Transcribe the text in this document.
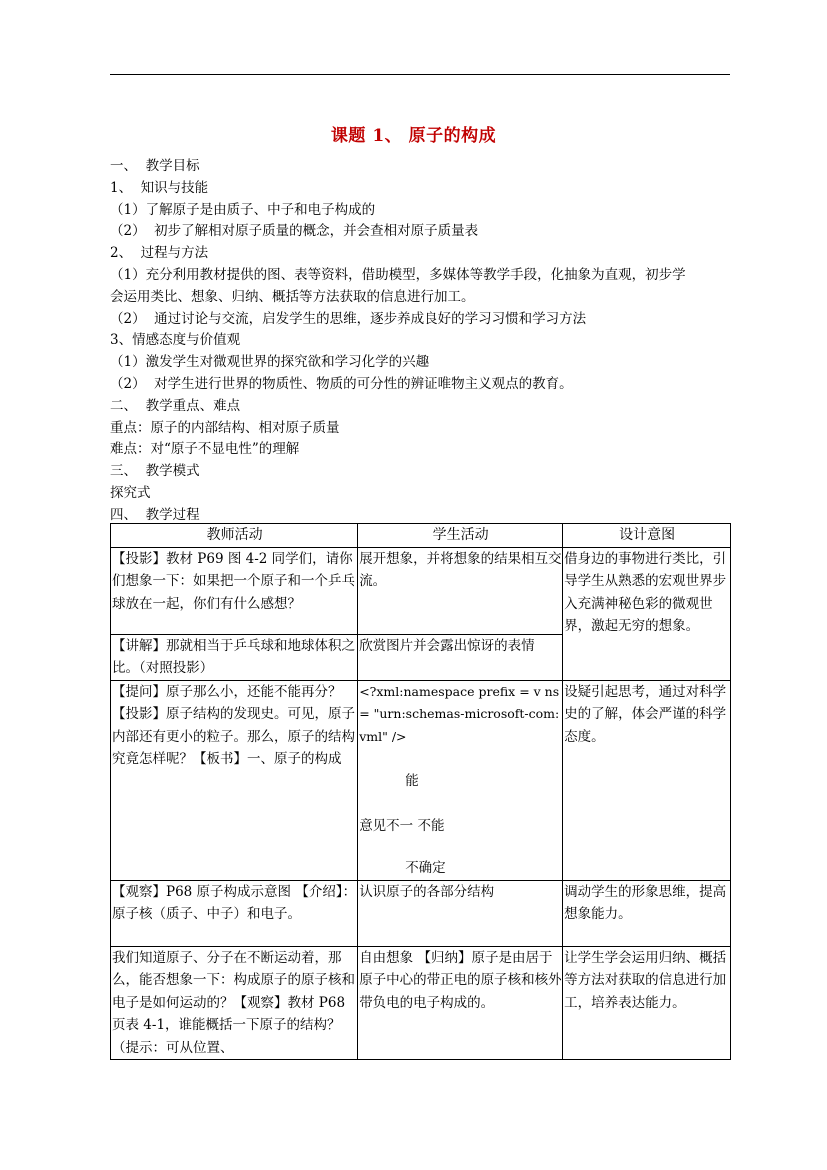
课题 1、 原子的构成
一、  教学目标
1、  知识与技能
（1）了解原子是由质子、中子和电子构成的
（2）  初步了解相对原子质量的概念，并会查相对原子质量表
2、  过程与方法
（1）充分利用教材提供的图、表等资料，借助模型，多媒体等教学手段，化抽象为直观，初步学
会运用类比、想象、归纳、概括等方法获取的信息进行加工。
（2）  通过讨论与交流，启发学生的思维，逐步养成良好的学习习惯和学习方法
3、情感态度与价值观
（1）激发学生对微观世界的探究欲和学习化学的兴趣
（2）  对学生进行世界的物质性、物质的可分性的辨证唯物主义观点的教育。
二、  教学重点、难点
重点：原子的内部结构、相对原子质量
难点：对“原子不显电性”的理解
三、  教学模式
探究式
四、  教学过程
教师活动	学生活动	设计意图
【投影】教材 P69 图 4-2 同学们，请你们想象一下：如果把一个原子和一个乒乓球放在一起，你们有什么感想？	展开想象，并将想象的结果相互交流。	借身边的事物进行类比，引导学生从熟悉的宏观世界步入充满神秘色彩的微观世界，激起无穷的想象。
【讲解】那就相当于乒乓球和地球体积之比。（对照投影）	欣赏图片并会露出惊讶的表情	
【提问】原子那么小，还能不能再分？【投影】原子结构的发现史。可见，原子内部还有更小的粒子。那么，原子的结构究竟怎样呢？【板书】一、原子的构成	<?xml:namespace prefix = v ns = "urn:schemas-microsoft-com:vml" />
能
意见不一 不能
不确定	设疑引起思考，通过对科学史的了解，体会严谨的科学态度。
【观察】P68 原子构成示意图 【介绍】：原子核（质子、中子）和电子。	认识原子的各部分结构	调动学生的形象思维，提高想象能力。
我们知道原子、分子在不断运动着，那么，能否想象一下：构成原子的原子核和电子是如何运动的？【观察】教材 P68 页表 4-1，谁能概括一下原子的结构？（提示：可从位置、	自由想象 【归纳】原子是由居于原子中心的带正电的原子核和核外带负电的电子构成的。	让学生学会运用归纳、概括等方法对获取的信息进行加工，培养表达能力。
